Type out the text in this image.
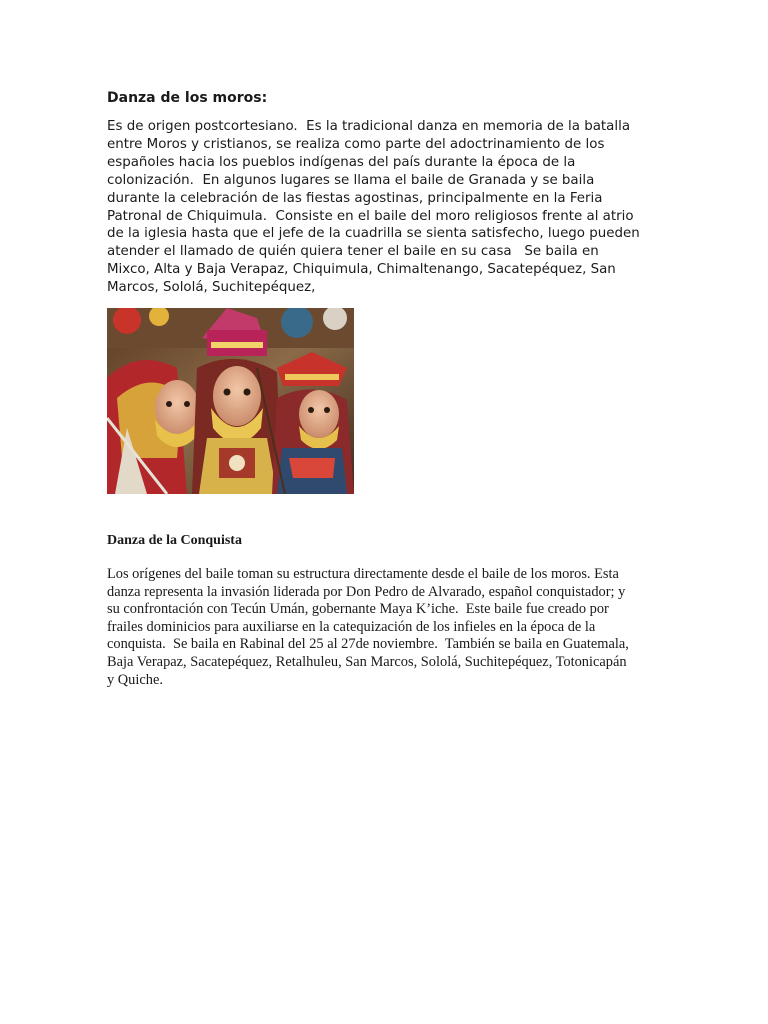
Danza de los moros:

Es de origen postcortesiano.  Es la tradicional danza en memoria de la batalla
entre Moros y cristianos, se realiza como parte del adoctrinamiento de los
españoles hacia los pueblos indígenas del país durante la época de la
colonización.  En algunos lugares se llama el baile de Granada y se baila
durante la celebración de las fiestas agostinas, principalmente en la Feria
Patronal de Chiquimula.  Consiste en el baile del moro religiosos frente al atrio
de la iglesia hasta que el jefe de la cuadrilla se sienta satisfecho, luego pueden
atender el llamado de quién quiera tener el baile en su casa   Se baila en
Mixco, Alta y Baja Verapaz, Chiquimula, Chimaltenango, Sacatepéquez, San
Marcos, Sololá, Suchitepéquez,

Danza de la Conquista

Los orígenes del baile toman su estructura directamente desde el baile de los moros. Esta
danza representa la invasión liderada por Don Pedro de Alvarado, español conquistador; y
su confrontación con Tecún Umán, gobernante Maya K’iche.  Este baile fue creado por
frailes dominicios para auxiliarse en la catequización de los infieles en la época de la
conquista.  Se baila en Rabinal del 25 al 27de noviembre.  También se baila en Guatemala,
Baja Verapaz, Sacatepéquez, Retalhuleu, San Marcos, Sololá, Suchitepéquez, Totonicapán
y Quiche.
